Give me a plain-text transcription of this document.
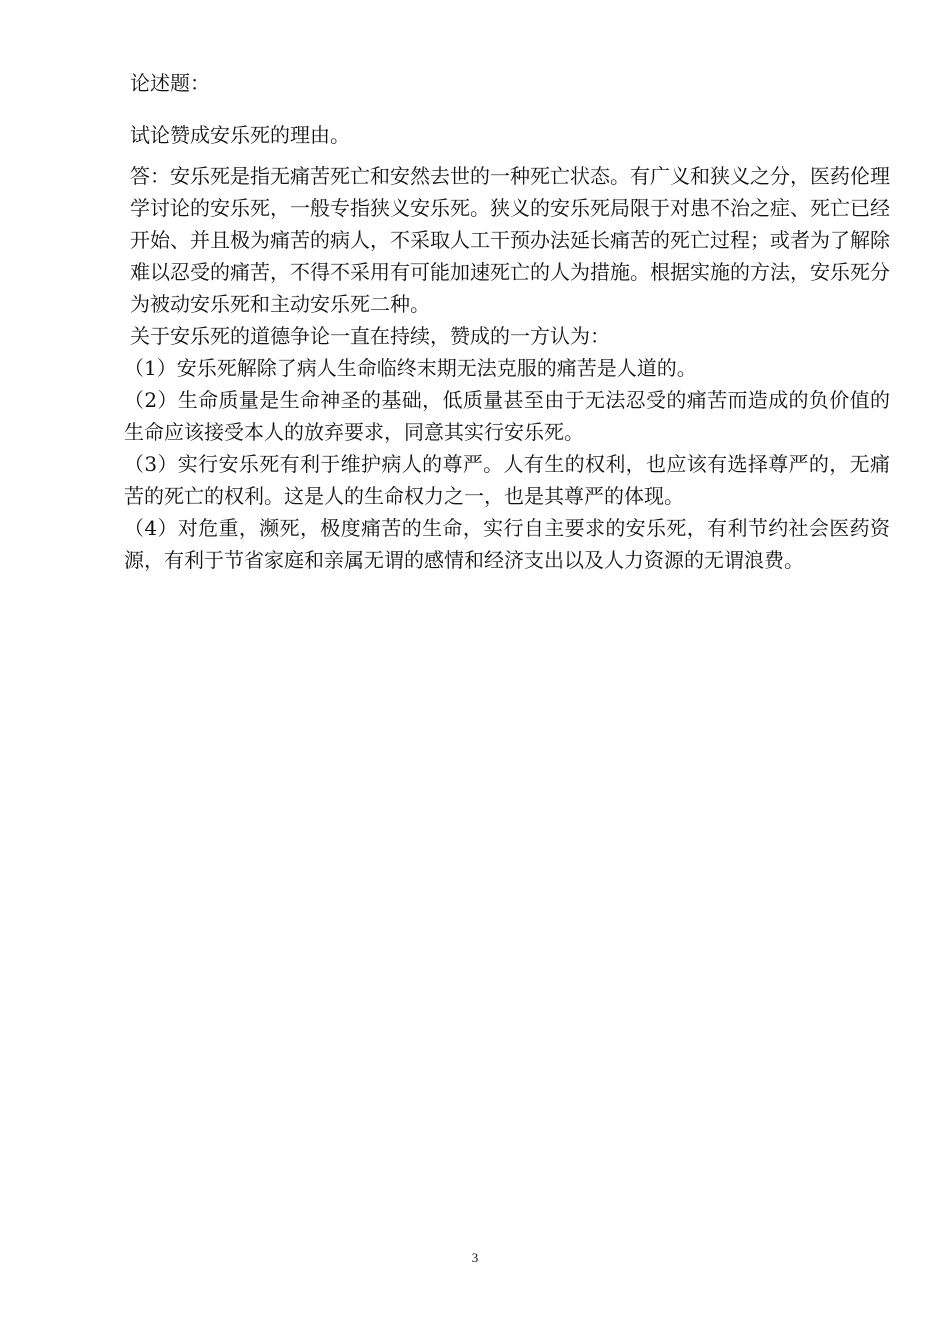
论述题：

试论赞成安乐死的理由。

答：安乐死是指无痛苦死亡和安然去世的一种死亡状态。有广义和狭义之分，医药伦理学讨论的安乐死，一般专指狭义安乐死。狭义的安乐死局限于对患不治之症、死亡已经开始、并且极为痛苦的病人，不采取人工干预办法延长痛苦的死亡过程；或者为了解除难以忍受的痛苦，不得不采用有可能加速死亡的人为措施。根据实施的方法，安乐死分为被动安乐死和主动安乐死二种。

关于安乐死的道德争论一直在持续，赞成的一方认为：

（1）安乐死解除了病人生命临终末期无法克服的痛苦是人道的。

（2）生命质量是生命神圣的基础，低质量甚至由于无法忍受的痛苦而造成的负价值的生命应该接受本人的放弃要求，同意其实行安乐死。

（3）实行安乐死有利于维护病人的尊严。人有生的权利，也应该有选择尊严的，无痛苦的死亡的权利。这是人的生命权力之一，也是其尊严的体现。

（4）对危重，濒死，极度痛苦的生命，实行自主要求的安乐死，有利节约社会医药资源，有利于节省家庭和亲属无谓的感情和经济支出以及人力资源的无谓浪费。

3
